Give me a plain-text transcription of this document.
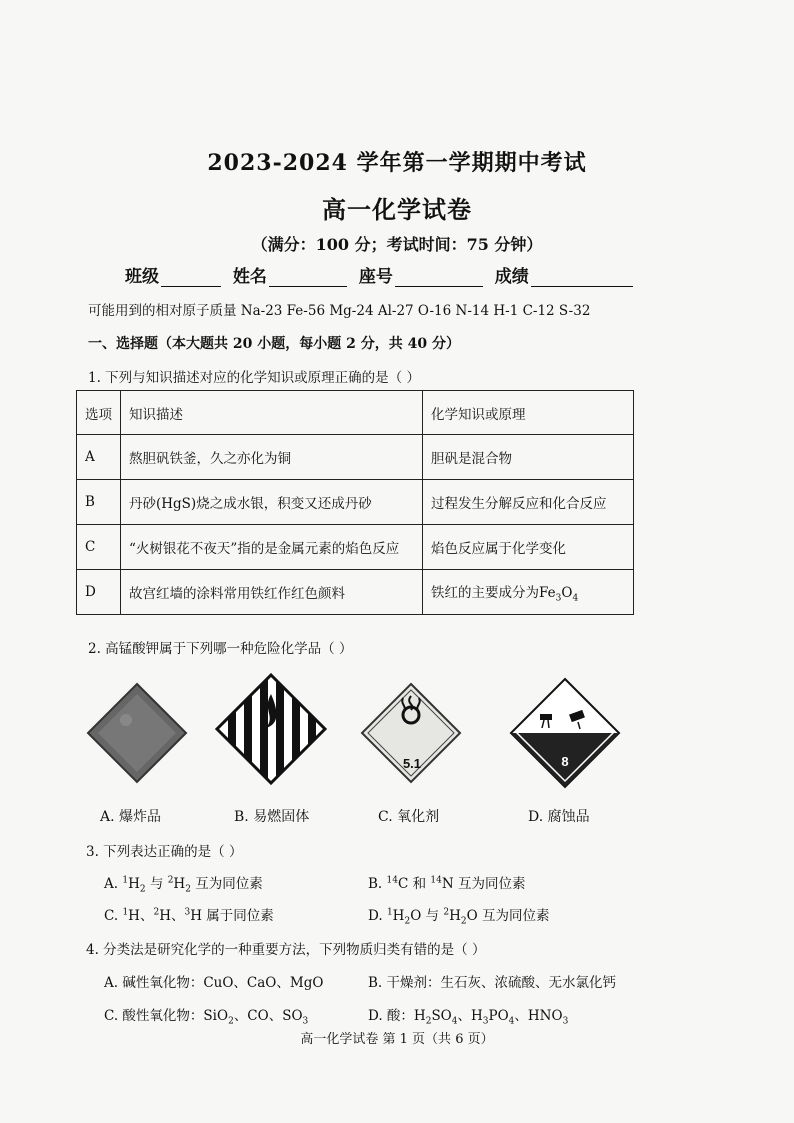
2023-2024 学年第一学期期中考试
高一化学试卷
（满分：100 分；考试时间：75 分钟）
班级	姓名	座号	成绩
可能用到的相对原子质量 Na-23 Fe-56 Mg-24 Al-27 O-16 N-14 H-1 C-12 S-32
一、选择题（本大题共 20 小题，每小题 2 分，共 40 分）
1. 下列与知识描述对应的化学知识或原理正确的是（ ）
选项	知识描述	化学知识或原理
A	熬胆矾铁釜，久之亦化为铜	胆矾是混合物
B	丹砂(HgS)烧之成水银，积变又还成丹砂	过程发生分解反应和化合反应
C	“火树银花不夜天”指的是金属元素的焰色反应	焰色反应属于化学变化
D	故宫红墙的涂料常用铁红作红色颜料	铁红的主要成分为$Fe_3O_4$
2. 高锰酸钾属于下列哪一种危险化学品（ ）
5.1	8
A. 爆炸品	B. 易燃固体	C. 氧化剂	D. 腐蚀品
3. 下列表达正确的是（ ）
A. $^1H_2$ 与 $^2H_2$ 互为同位素	B. $^{14}$C 和 $^{14}$N 互为同位素
C. $^1$H、$^2$H、$^3$H 属于同位素	D. $^1H_2O$ 与 $^2H_2O$ 互为同位素
4. 分类法是研究化学的一种重要方法，下列物质归类有错的是（ ）
A. 碱性氧化物：CuO、CaO、MgO	B. 干燥剂：生石灰、浓硫酸、无水氯化钙
C. 酸性氧化物：SiO$_2$、CO、$SO_3$	D. 酸：$H_2SO_4$、$H_3PO_4$、$HNO_3$
高一化学试卷 第 1 页（共 6 页）
